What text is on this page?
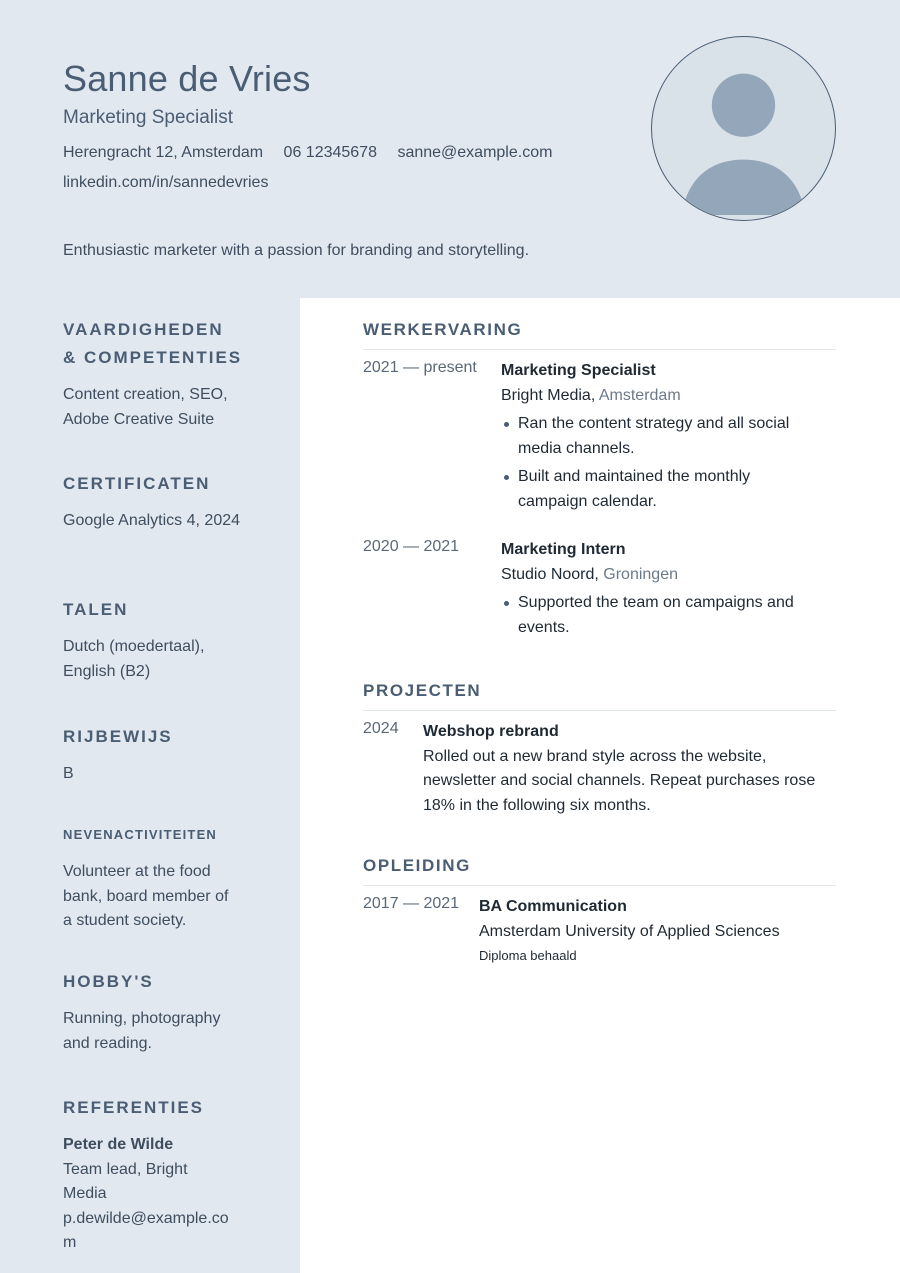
Sanne de Vries
Marketing Specialist
Herengracht 12, Amsterdam 06 12345678 sanne@example.com
linkedin.com/in/sannedevries
Enthusiastic marketer with a passion for branding and storytelling.
VAARDIGHEDEN
& COMPETENTIES
Content creation, SEO, Adobe Creative Suite
CERTIFICATEN
Google Analytics 4, 2024
TALEN
Dutch (moedertaal), English (B2)
RIJBEWIJS
B
NEVENACTIVITEITEN
Volunteer at the food bank, board member of a student society.
HOBBY'S
Running, photography and reading.
REFERENTIES
Peter de Wilde
Team lead, Bright Media
p.dewilde@example.com
WERKERVARING
2021 — present Marketing Specialist
Bright Media, Amsterdam
Ran the content strategy and all social media channels.
Built and maintained the monthly campaign calendar.
2020 — 2021	Marketing Intern
Studio Noord, Groningen
Supported the team on campaigns and events.
PROJECTEN
2024 Webshop rebrand
Rolled out a new brand style across the website, newsletter and social channels. Repeat purchases rose 18% in the following six months.
OPLEIDING
2017 — 2021 BA Communication
Amsterdam University of Applied Sciences
Diploma behaald
